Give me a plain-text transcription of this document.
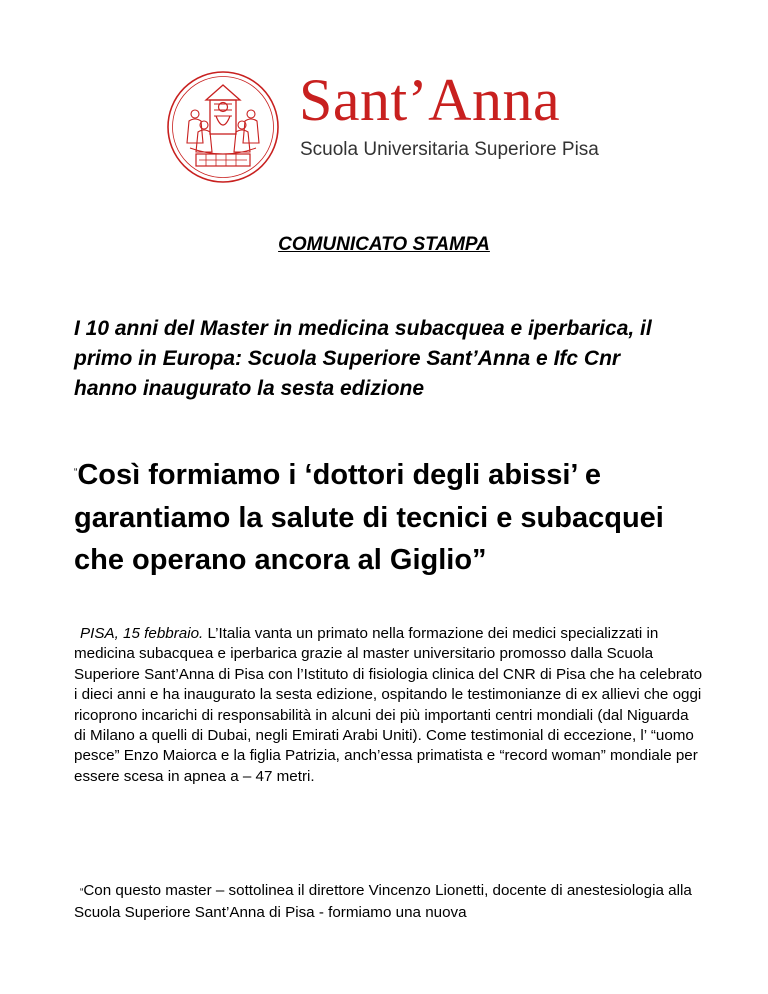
Sant’Anna
Scuola Universitaria Superiore Pisa
COMUNICATO STAMPA

I 10 anni del Master in medicina subacquea e iperbarica, il primo in Europa: Scuola Superiore Sant’Anna e Ifc Cnr hanno inaugurato la sesta edizione

“Così formiamo i ‘dottori degli abissi’ e garantiamo la salute di tecnici e subacquei che operano ancora al Giglio”

PISA, 15 febbraio. L’Italia vanta un primato nella formazione dei medici specializzati in medicina subacquea e iperbarica grazie al master universitario promosso dalla Scuola Superiore Sant’Anna di Pisa con l’Istituto di fisiologia clinica del CNR di Pisa che ha celebrato i dieci anni e ha inaugurato la sesta edizione, ospitando le testimonianze di ex allievi che oggi ricoprono incarichi di responsabilità in alcuni dei più importanti centri mondiali (dal Niguarda di Milano a quelli di Dubai, negli Emirati Arabi Uniti). Come testimonial di eccezione, l’ “uomo pesce” Enzo Maiorca e la figlia Patrizia, anch’essa primatista e “record woman” mondiale per essere scesa in apnea a – 47 metri.

“Con questo master – sottolinea il direttore Vincenzo Lionetti, docente di anestesiologia alla Scuola Superiore Sant’Anna di Pisa - formiamo una nuova
